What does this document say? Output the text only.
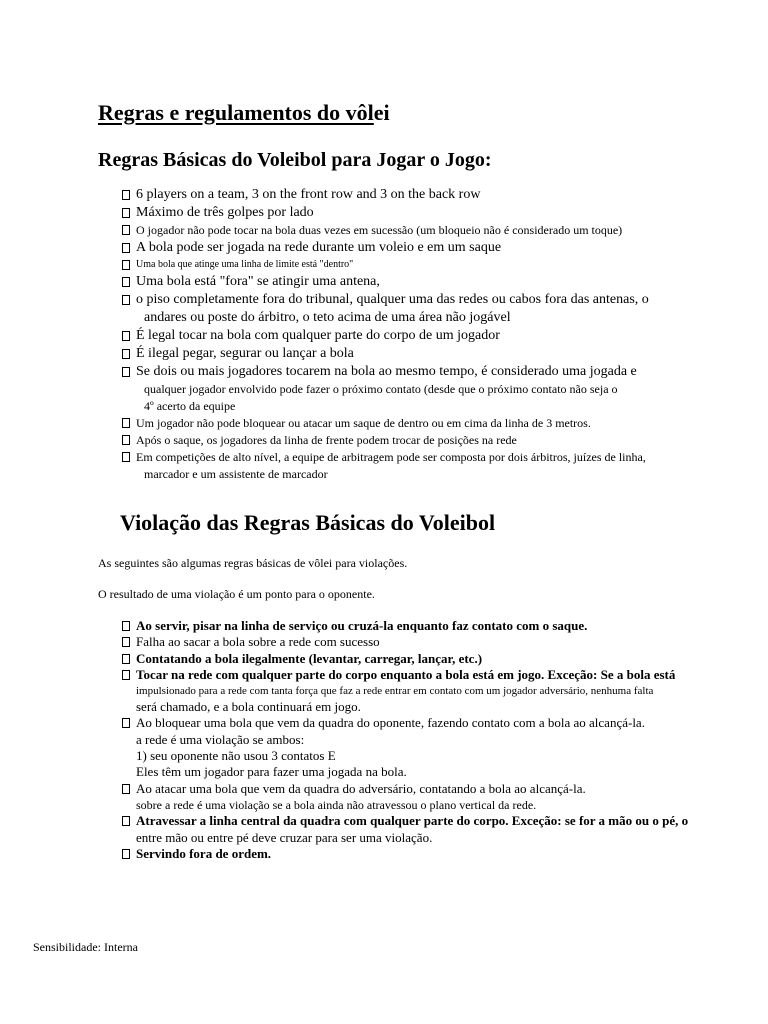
Regras e regulamentos do vôlei
Regras Básicas do Voleibol para Jogar o Jogo:
6 players on a team, 3 on the front row and 3 on the back row
Máximo de três golpes por lado
O jogador não pode tocar na bola duas vezes em sucessão (um bloqueio não é considerado um toque)
A bola pode ser jogada na rede durante um voleio e em um saque
Uma bola que atinge uma linha de limite está "dentro"
Uma bola está "fora" se atingir uma antena,
o piso completamente fora do tribunal, qualquer uma das redes ou cabos fora das antenas, o
andares ou poste do árbitro, o teto acima de uma área não jogável
É legal tocar na bola com qualquer parte do corpo de um jogador
É ilegal pegar, segurar ou lançar a bola
Se dois ou mais jogadores tocarem na bola ao mesmo tempo, é considerado uma jogada e
qualquer jogador envolvido pode fazer o próximo contato (desde que o próximo contato não seja o
4º acerto da equipe
Um jogador não pode bloquear ou atacar um saque de dentro ou em cima da linha de 3 metros.
Após o saque, os jogadores da linha de frente podem trocar de posições na rede
Em competições de alto nível, a equipe de arbitragem pode ser composta por dois árbitros, juízes de linha,
marcador e um assistente de marcador
Violação das Regras Básicas do Voleibol

As seguintes são algumas regras básicas de vôlei para violações.

O resultado de uma violação é um ponto para o oponente.

Ao servir, pisar na linha de serviço ou cruzá-la enquanto faz contato com o saque.
Falha ao sacar a bola sobre a rede com sucesso
Contatando a bola ilegalmente (levantar, carregar, lançar, etc.)
Tocar na rede com qualquer parte do corpo enquanto a bola está em jogo. Exceção: Se a bola está
impulsionado para a rede com tanta força que faz a rede entrar em contato com um jogador adversário, nenhuma falta
será chamado, e a bola continuará em jogo.
Ao bloquear uma bola que vem da quadra do oponente, fazendo contato com a bola ao alcançá-la.
a rede é uma violação se ambos:
1) seu oponente não usou 3 contatos E
Eles têm um jogador para fazer uma jogada na bola.
Ao atacar uma bola que vem da quadra do adversário, contatando a bola ao alcançá-la.
sobre a rede é uma violação se a bola ainda não atravessou o plano vertical da rede.
Atravessar a linha central da quadra com qualquer parte do corpo. Exceção: se for a mão ou o pé, o
entre mão ou entre pé deve cruzar para ser uma violação.
Servindo fora de ordem.

Sensibilidade: Interna
